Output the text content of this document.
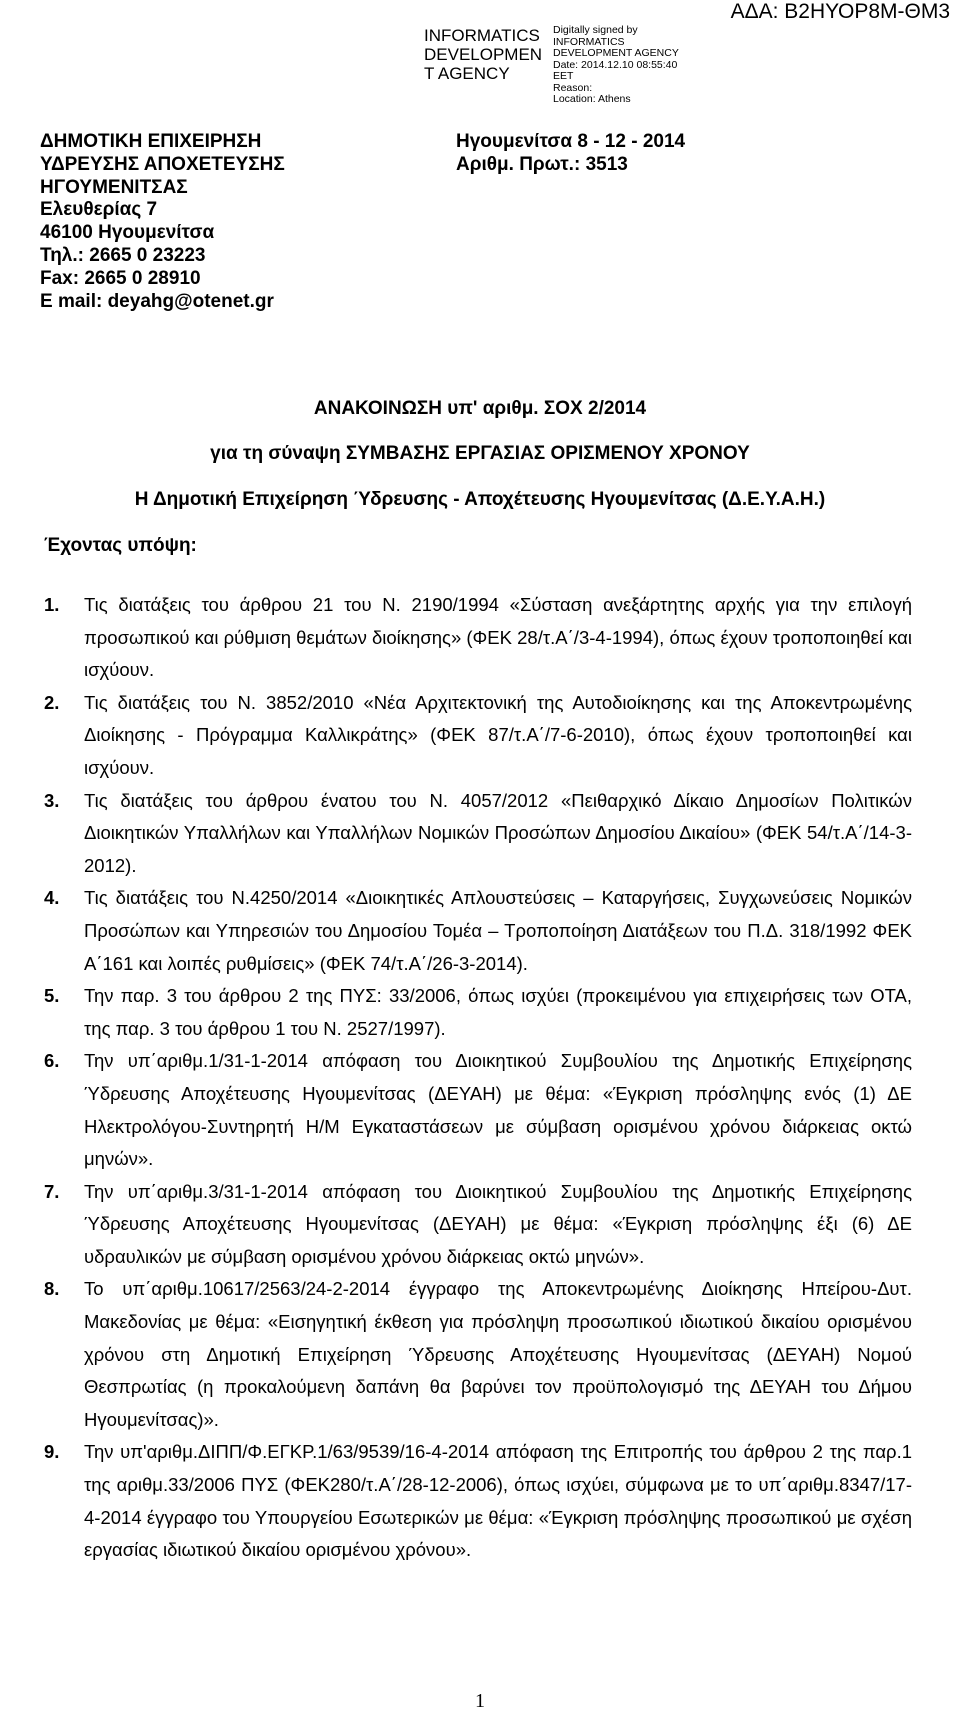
INFORMATICS
DEVELOPMEN
T AGENCY
Digitally signed by
INFORMATICS
DEVELOPMENT AGENCY
Date: 2014.12.10 08:55:40
EET
Reason:
Location: Athens
ΑΔΑ: Β2ΗΥΟΡ8Μ-ΘΜ3
ΔΗΜΟΤΙΚΗ ΕΠΙΧΕΙΡΗΣΗ
ΥΔΡΕΥΣΗΣ ΑΠΟΧΕΤΕΥΣΗΣ
ΗΓΟΥΜΕΝΙΤΣΑΣ
Ελευθερίας 7
46100 Ηγουμενίτσα
Τηλ.: 2665 0 23223
Fax: 2665 0 28910
E mail: deyahg@otenet.gr
Ηγουμενίτσα 8 - 12 - 2014
Αριθμ. Πρωτ.: 3513
ΑΝΑΚΟΙΝΩΣΗ υπ' αριθμ. ΣΟΧ 2/2014
για τη σύναψη ΣΥΜΒΑΣΗΣ ΕΡΓΑΣΙΑΣ ΟΡΙΣΜΕΝΟΥ ΧΡΟΝΟΥ
Η Δημοτική Επιχείρηση Ύδρευσης - Αποχέτευσης Ηγουμενίτσας (Δ.Ε.Υ.Α.Η.)
Έχοντας υπόψη:

1. Τις διατάξεις του άρθρου 21 του Ν. 2190/1994 «Σύσταση ανεξάρτητης αρχής για την επιλογή προσωπικού και ρύθμιση θεμάτων διοίκησης» (ΦΕΚ 28/τ.Α΄/3-4-1994), όπως έχουν τροποποιηθεί και ισχύουν.

2. Τις διατάξεις του Ν. 3852/2010 «Νέα Αρχιτεκτονική της Αυτοδιοίκησης και της Αποκεντρωμένης Διοίκησης - Πρόγραμμα Καλλικράτης» (ΦΕΚ 87/τ.Α΄/7-6-2010), όπως έχουν τροποποιηθεί και ισχύουν.

3. Τις διατάξεις του άρθρου ένατου του Ν. 4057/2012 «Πειθαρχικό Δίκαιο Δημοσίων Πολιτικών Διοικητικών Υπαλλήλων και Υπαλλήλων Νομικών Προσώπων Δημοσίου Δικαίου» (ΦΕΚ 54/τ.Α΄/14-3-2012).

4. Τις διατάξεις του Ν.4250/2014 «Διοικητικές Απλουστεύσεις – Καταργήσεις, Συγχωνεύσεις Νομικών Προσώπων και Υπηρεσιών του Δημοσίου Τομέα – Τροποποίηση Διατάξεων του Π.Δ. 318/1992 ΦΕΚ Α΄161 και λοιπές ρυθμίσεις» (ΦΕΚ 74/τ.Α΄/26-3-2014).

5. Την παρ. 3 του άρθρου 2 της ΠΥΣ: 33/2006, όπως ισχύει (προκειμένου για επιχειρήσεις των ΟΤΑ, της παρ. 3 του άρθρου 1 του Ν. 2527/1997).

6. Την υπ΄αριθμ.1/31-1-2014 απόφαση του Διοικητικού Συμβουλίου της Δημοτικής Επιχείρησης Ύδρευσης Αποχέτευσης Ηγουμενίτσας (ΔΕΥΑΗ) με θέμα: «Έγκριση πρόσληψης ενός (1) ΔΕ Ηλεκτρολόγου-Συντηρητή Η/Μ Εγκαταστάσεων με σύμβαση ορισμένου χρόνου διάρκειας οκτώ μηνών».

7. Την υπ΄αριθμ.3/31-1-2014 απόφαση του Διοικητικού Συμβουλίου της Δημοτικής Επιχείρησης Ύδρευσης Αποχέτευσης Ηγουμενίτσας (ΔΕΥΑΗ) με θέμα: «Έγκριση πρόσληψης έξι (6) ΔΕ υδραυλικών με σύμβαση ορισμένου χρόνου διάρκειας οκτώ μηνών».

8. Το υπ΄αριθμ.10617/2563/24-2-2014 έγγραφο της Αποκεντρωμένης Διοίκησης Ηπείρου-Δυτ. Μακεδονίας με θέμα: «Εισηγητική έκθεση για πρόσληψη προσωπικού ιδιωτικού δικαίου ορισμένου χρόνου στη Δημοτική Επιχείρηση Ύδρευσης Αποχέτευσης Ηγουμενίτσας (ΔΕΥΑΗ) Νομού Θεσπρωτίας (η προκαλούμενη δαπάνη θα βαρύνει τον προϋπολογισμό της ΔΕΥΑΗ του Δήμου Ηγουμενίτσας)».

9. Την υπ'αριθμ.ΔΙΠΠ/Φ.ΕΓΚΡ.1/63/9539/16-4-2014 απόφαση της Επιτροπής του άρθρου 2 της παρ.1 της αριθμ.33/2006 ΠΥΣ (ΦΕΚ280/τ.Α΄/28-12-2006), όπως ισχύει, σύμφωνα με το υπ΄αριθμ.8347/17-4-2014 έγγραφο του Υπουργείου Εσωτερικών με θέμα: «Έγκριση πρόσληψης προσωπικού με σχέση εργασίας ιδιωτικού δικαίου ορισμένου χρόνου».

1
